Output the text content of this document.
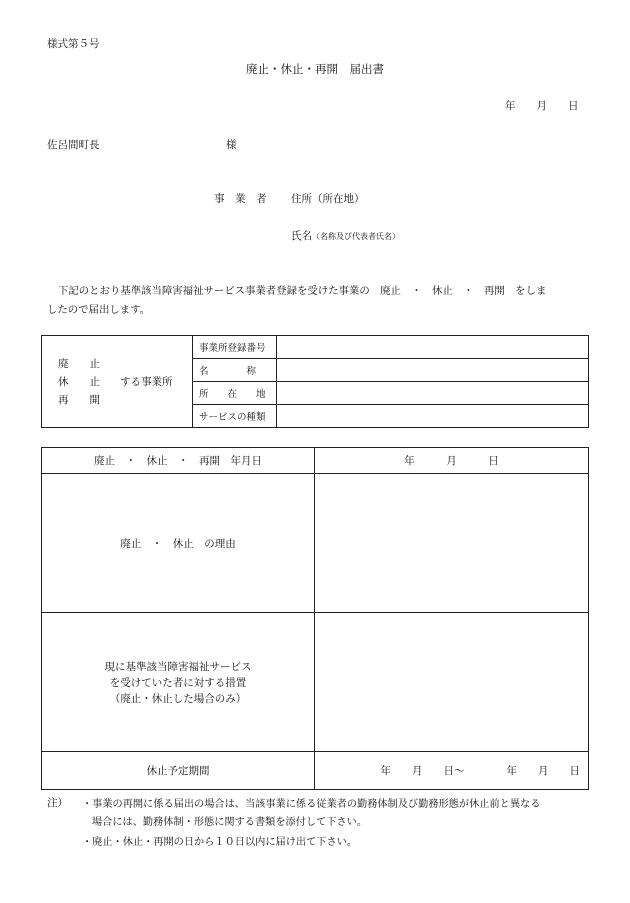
様式第５号
廃止・休止・再開　届出書
年　　月　　日
佐呂間町長	様
事　業　者 住所（所在地）
氏名（名称及び代表者氏名）
下記のとおり基準該当障害福祉サービス事業者登録を受けた事業の　廃止　・　休止　・　再開　をしま
したので届出します。
廃　　止
休　　止
再　　開
する事業所	事業所登録番号	
	名　　　　称	
	所　　在　　地	
	サービスの種類	
廃止　・　休止　・　再開　年月日	年　　　月　　　日
廃止　・　休止　の理由	

現に基準該当障害福祉サービス
を受けていた者に対する措置
（廃止・休止した場合のみ）	

休止予定期間	年　　月　　日～　　　　年　　月　　日
注） ・事業の再開に係る届出の場合は、当該事業に係る従業者の勤務体制及び勤務形態が休止前と異なる
場合には、勤務体制・形態に関する書類を添付して下さい。
・廃止・休止・再開の日から１０日以内に届け出て下さい。
